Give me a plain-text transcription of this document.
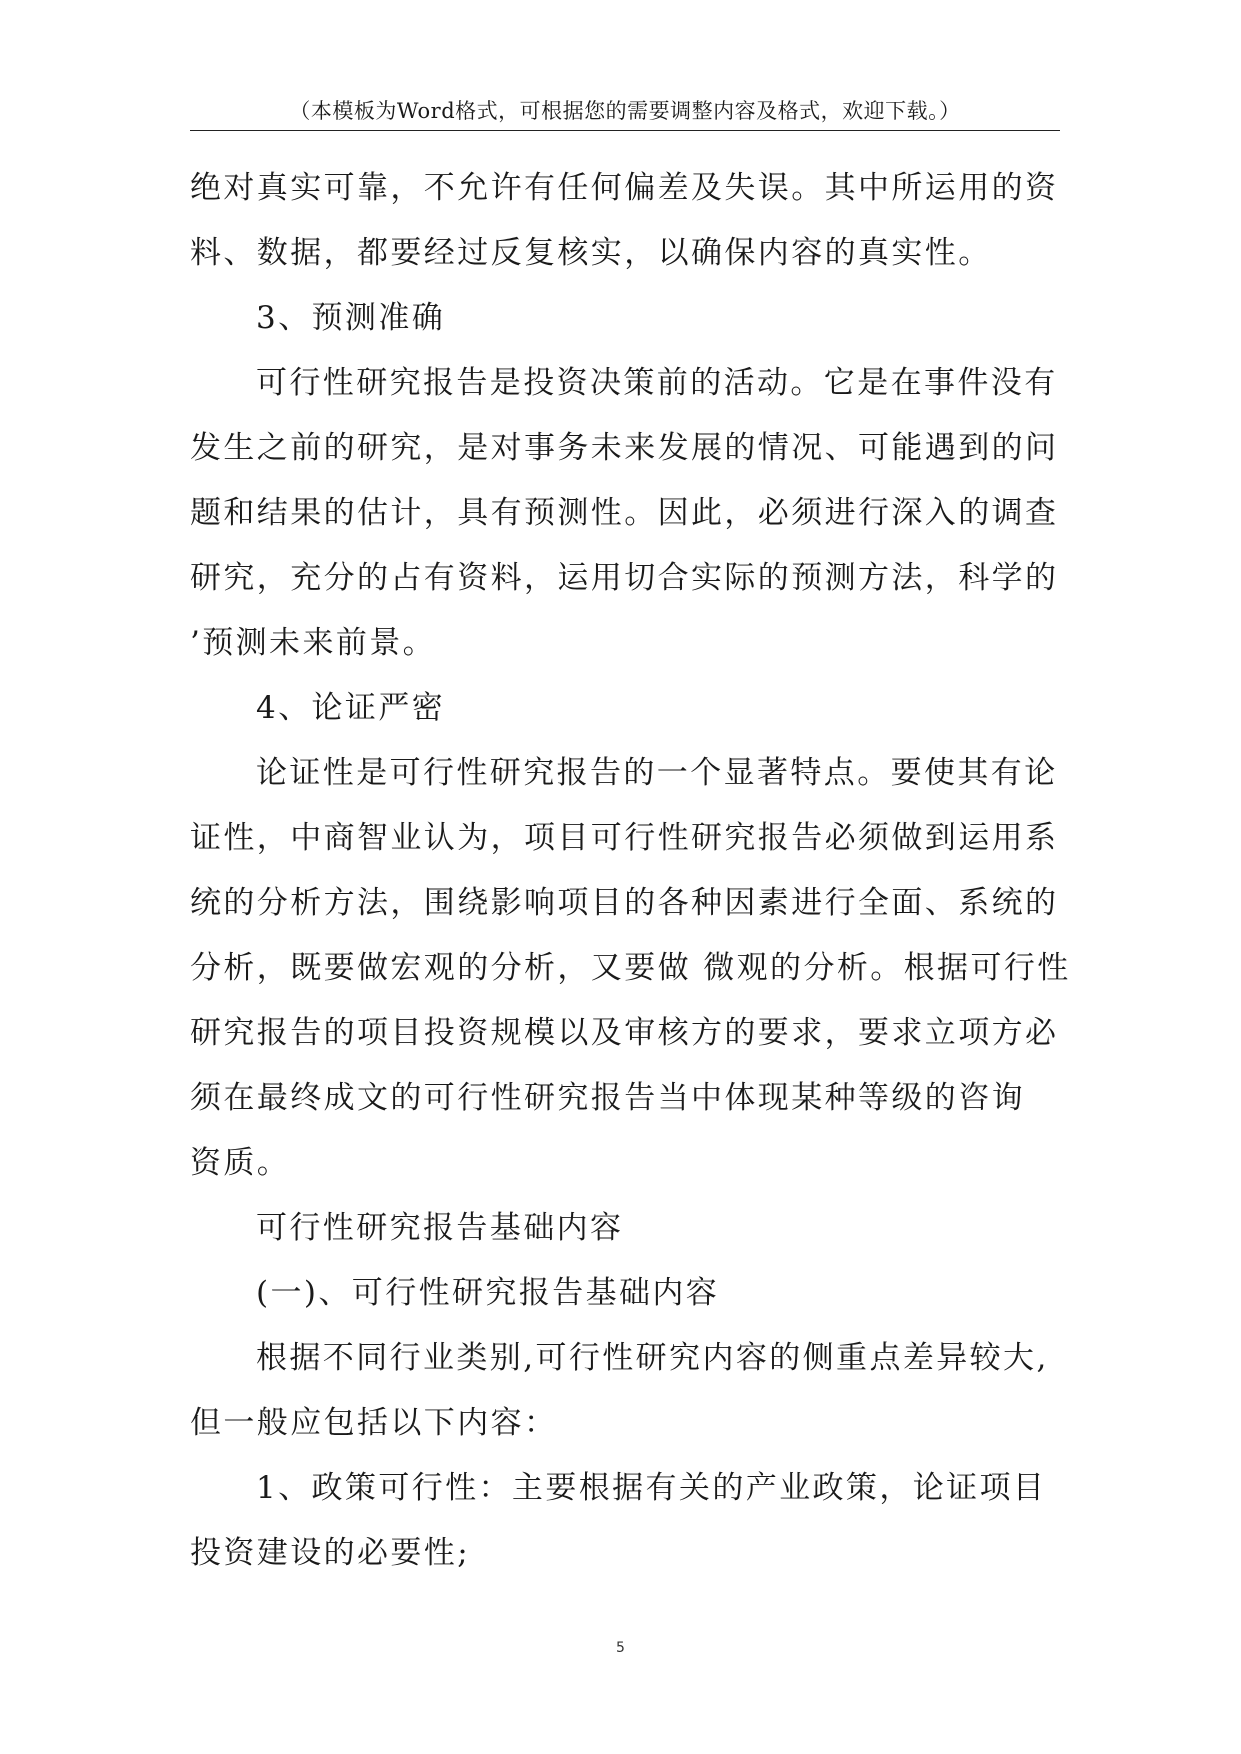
（本模板为Word格式，可根据您的需要调整内容及格式，欢迎下载。）
绝对真实可靠，不允许有任何偏差及失误。其中所运用的资
料、数据，都要经过反复核实，以确保内容的真实性。
3、预测准确
可行性研究报告是投资决策前的活动。它是在事件没有
发生之前的研究，是对事务未来发展的情况、可能遇到的问
题和结果的估计，具有预测性。因此，必须进行深入的调查
研究，充分的占有资料，运用切合实际的预测方法，科学的
’预测未来前景。
4、论证严密
论证性是可行性研究报告的一个显著特点。要使其有论
证性，中商智业认为，项目可行性研究报告必须做到运用系
统的分析方法，围绕影响项目的各种因素进行全面、系统的
分析，既要做宏观的分析，又要做 微观的分析。根据可行性
研究报告的项目投资规模以及审核方的要求，要求立项方必
须在最终成文的可行性研究报告当中体现某种等级的咨询
资质。
可行性研究报告基础内容
(一)、可行性研究报告基础内容
根据不同行业类别,可行性研究内容的侧重点差异较大,
但一般应包括以下内容：
1、政策可行性：主要根据有关的产业政策，论证项目
投资建设的必要性;
5
